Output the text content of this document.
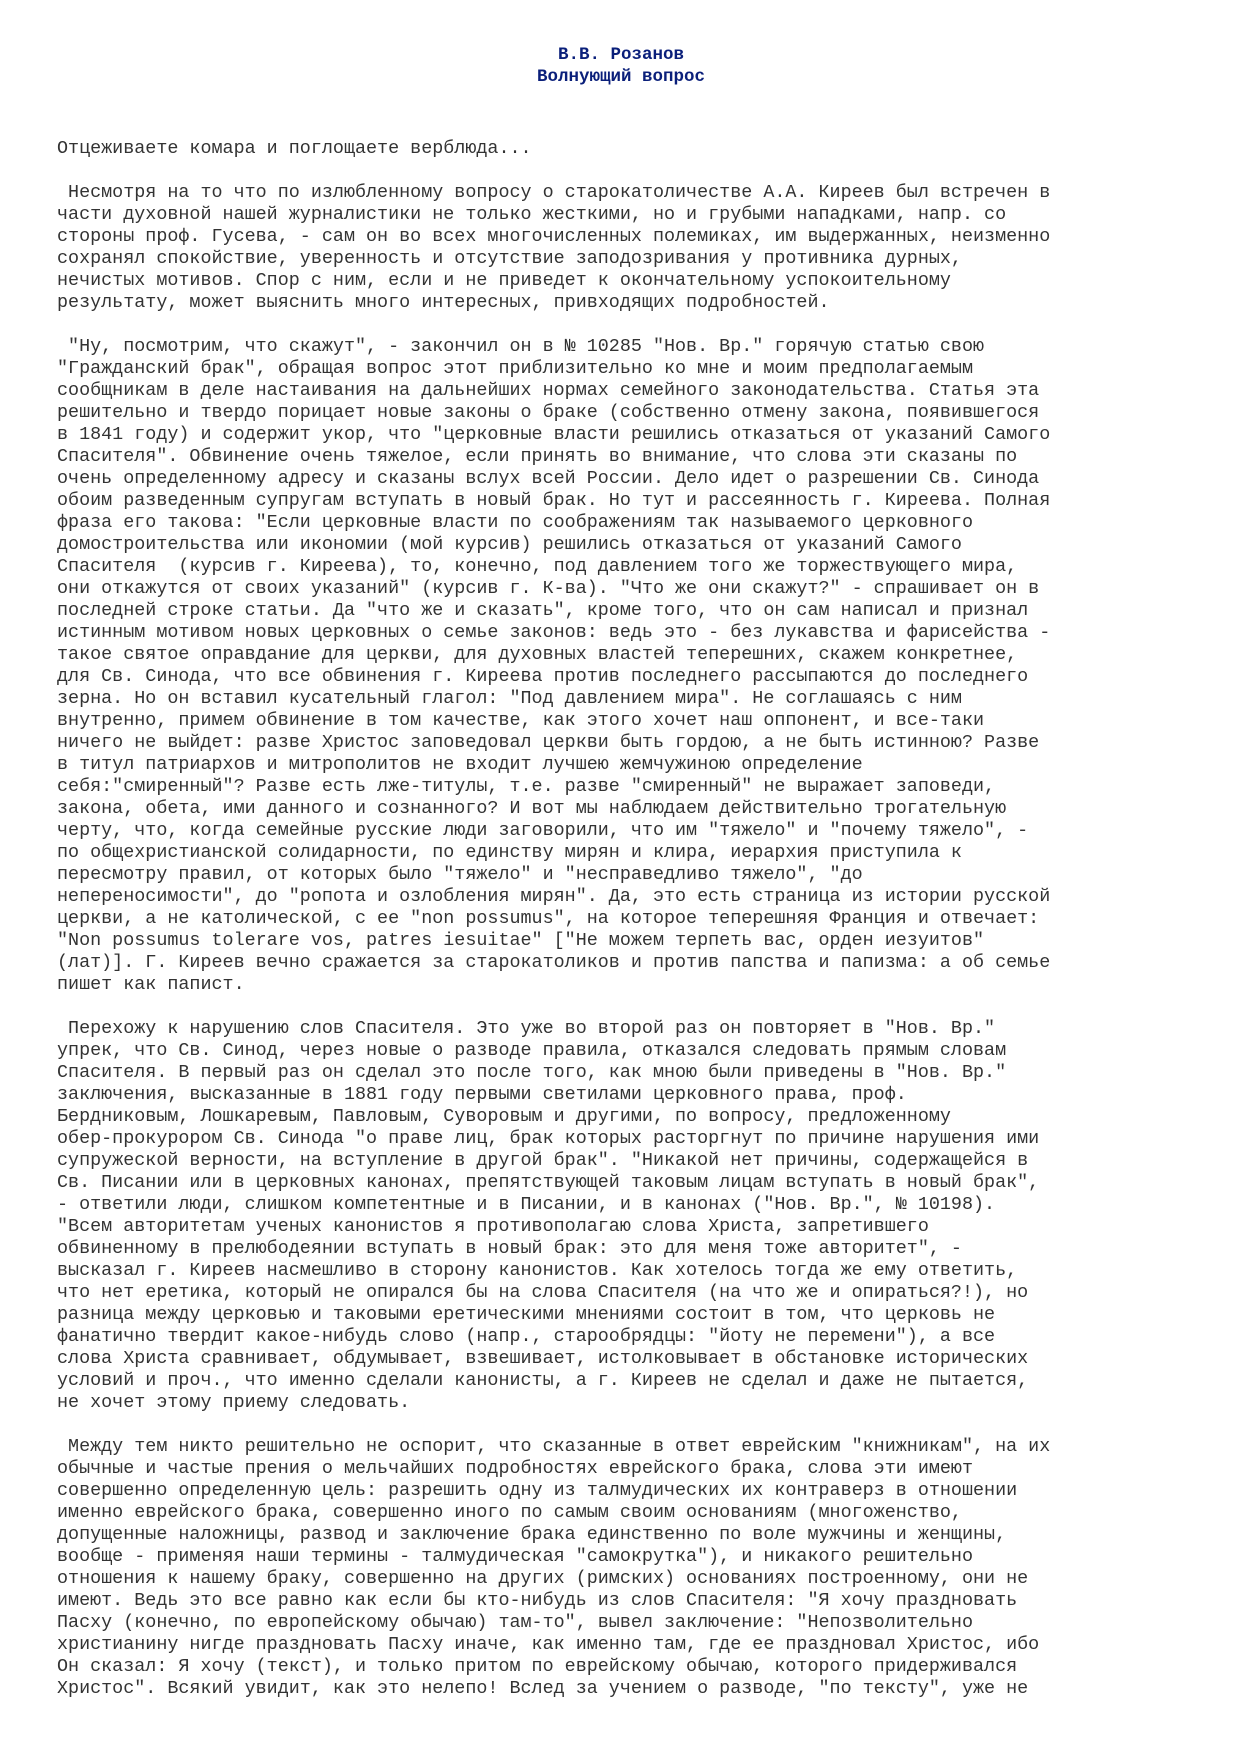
В.В. Розанов
Волнующий вопрос
Отцеживаете комара и поглощаете верблюда...
Несмотря на то что по излюбленному вопросу о старокатоличестве А.А. Киреев был встречен в
части духовной нашей журналистики не только жесткими, но и грубыми нападками, напр. со
стороны проф. Гусева, - сам он во всех многочисленных полемиках, им выдержанных, неизменно
сохранял спокойствие, уверенность и отсутствие заподозривания у противника дурных,
нечистых мотивов. Спор с ним, если и не приведет к окончательному успокоительному
результату, может выяснить много интересных, привходящих подробностей.
"Ну, посмотрим, что скажут", - закончил он в № 10285 "Нов. Вр." горячую статью свою
"Гражданский брак", обращая вопрос этот приблизительно ко мне и моим предполагаемым
сообщникам в деле настаивания на дальнейших нормах семейного законодательства. Статья эта
решительно и твердо порицает новые законы о браке (собственно отмену закона, появившегося
в 1841 году) и содержит укор, что "церковные власти решились отказаться от указаний Самого
Спасителя". Обвинение очень тяжелое, если принять во внимание, что слова эти сказаны по
очень определенному адресу и сказаны вслух всей России. Дело идет о разрешении Св. Синода
обоим разведенным супругам вступать в новый брак. Но тут и рассеянность г. Киреева. Полная
фраза его такова: "Если церковные власти по соображениям так называемого церковного
домостроительства или икономии (мой курсив) решились отказаться от указаний Самого
Спасителя  (курсив г. Киреева), то, конечно, под давлением того же торжествующего мира,
они откажутся от своих указаний" (курсив г. К-ва). "Что же они скажут?" - спрашивает он в
последней строке статьи. Да "что же и сказать", кроме того, что он сам написал и признал
истинным мотивом новых церковных о семье законов: ведь это - без лукавства и фарисейства -
такое святое оправдание для церкви, для духовных властей теперешних, скажем конкретнее,
для Св. Синода, что все обвинения г. Киреева против последнего рассыпаются до последнего
зерна. Но он вставил кусательный глагол: "Под давлением мира". Не соглашаясь с ним
внутренно, примем обвинение в том качестве, как этого хочет наш оппонент, и все-таки
ничего не выйдет: разве Христос заповедовал церкви быть гордою, а не быть истинною? Разве
в титул патриархов и митрополитов не входит лучшею жемчужиною определение
себя:"смиренный"? Разве есть лже-титулы, т.е. разве "смиренный" не выражает заповеди,
закона, обета, ими данного и сознанного? И вот мы наблюдаем действительно трогательную
черту, что, когда семейные русские люди заговорили, что им "тяжело" и "почему тяжело", -
по общехристианской солидарности, по единству мирян и клира, иерархия приступила к
пересмотру правил, от которых было "тяжело" и "несправедливо тяжело", "до
непереносимости", до "ропота и озлобления мирян". Да, это есть страница из истории русской
церкви, а не католической, с ее "non possumus", на которое теперешняя Франция и отвечает:
"Non possumus tolerare vos, patres iesuitae" ["Не можем терпеть вас, орден иезуитов"
(лат)]. Г. Киреев вечно сражается за старокатоликов и против папства и папизма: а об семье
пишет как папист.
Перехожу к нарушению слов Спасителя. Это уже во второй раз он повторяет в "Нов. Вр."
упрек, что Св. Синод, через новые о разводе правила, отказался следовать прямым словам
Спасителя. В первый раз он сделал это после того, как мною были приведены в "Нов. Вр."
заключения, высказанные в 1881 году первыми светилами церковного права, проф.
Бердниковым, Лошкаревым, Павловым, Суворовым и другими, по вопросу, предложенному
обер-прокурором Св. Синода "о праве лиц, брак которых расторгнут по причине нарушения ими
супружеской верности, на вступление в другой брак". "Никакой нет причины, содержащейся в
Св. Писании или в церковных канонах, препятствующей таковым лицам вступать в новый брак",
- ответили люди, слишком компетентные и в Писании, и в канонах ("Нов. Вр.", № 10198).
"Всем авторитетам ученых канонистов я противополагаю слова Христа, запретившего
обвиненному в прелюбодеянии вступать в новый брак: это для меня тоже авторитет", -
высказал г. Киреев насмешливо в сторону канонистов. Как хотелось тогда же ему ответить,
что нет еретика, который не опирался бы на слова Спасителя (на что же и опираться?!), но
разница между церковью и таковыми еретическими мнениями состоит в том, что церковь не
фанатично твердит какое-нибудь слово (напр., старообрядцы: "йоту не перемени"), а все
слова Христа сравнивает, обдумывает, взвешивает, истолковывает в обстановке исторических
условий и проч., что именно сделали канонисты, а г. Киреев не сделал и даже не пытается,
не хочет этому приему следовать.
Между тем никто решительно не оспорит, что сказанные в ответ еврейским "книжникам", на их
обычные и частые прения о мельчайших подробностях еврейского брака, слова эти имеют
совершенно определенную цель: разрешить одну из талмудических их контраверз в отношении
именно еврейского брака, совершенно иного по самым своим основаниям (многоженство,
допущенные наложницы, развод и заключение брака единственно по воле мужчины и женщины,
вообще - применяя наши термины - талмудическая "самокрутка"), и никакого решительно
отношения к нашему браку, совершенно на других (римских) основаниях построенному, они не
имеют. Ведь это все равно как если бы кто-нибудь из слов Спасителя: "Я хочу праздновать
Пасху (конечно, по европейскому обычаю) там-то", вывел заключение: "Непозволительно
христианину нигде праздновать Пасху иначе, как именно там, где ее праздновал Христос, ибо
Он сказал: Я хочу (текст), и только притом по еврейскому обычаю, которого придерживался
Христос". Всякий увидит, как это нелепо! Вслед за учением о разводе, "по тексту", уже не
